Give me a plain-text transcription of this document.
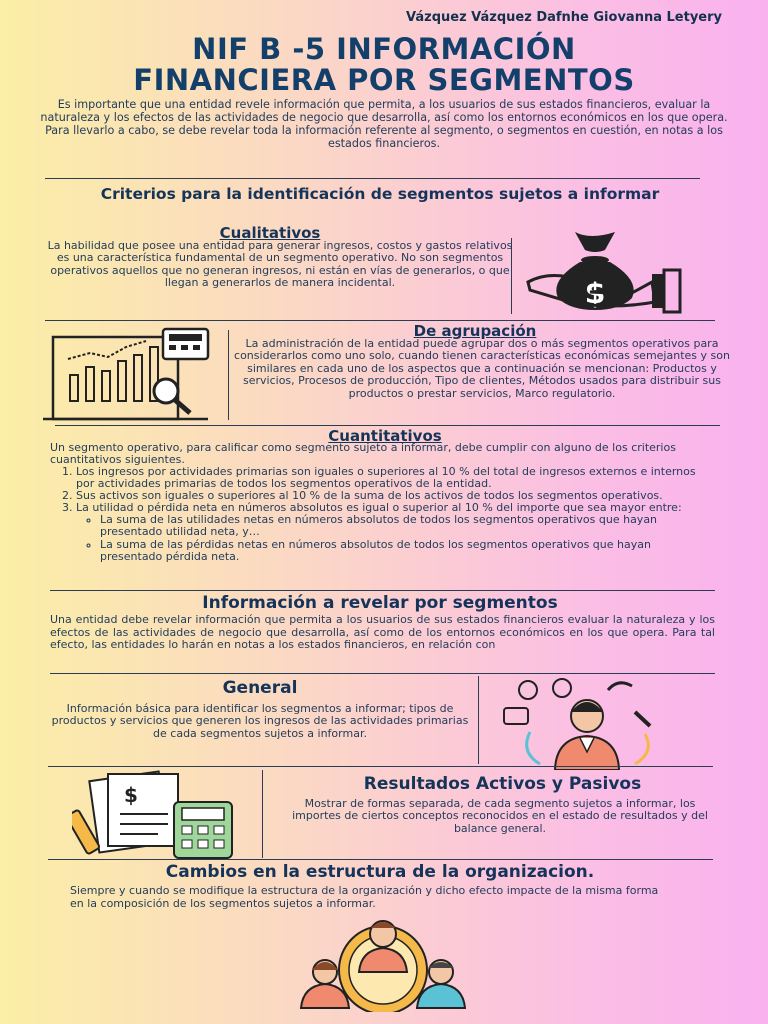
Vázquez Vázquez Dafnhe Giovanna Letyery
NIF B -5 INFORMACIÓN
FINANCIERA POR SEGMENTOS
Es importante que una entidad revele información que permita, a los usuarios de sus estados financieros, evaluar la naturaleza y los efectos de las actividades de negocio que desarrolla, así como los entornos económicos en los que opera. Para llevarlo a cabo, se debe revelar toda la información referente al segmento, o segmentos en cuestión, en notas a los estados financieros.
Criterios para la identificación de segmentos sujetos a informar
Cualitativos
La habilidad que posee una entidad para generar ingresos, costos y gastos relativos es una característica fundamental de un segmento operativo. No son segmentos operativos aquellos que no generan ingresos, ni están en vías de generarlos, o que llegan a generarlos de manera incidental.	$
De agrupación
La administración de la entidad puede agrupar dos o más segmentos operativos para considerarlos como uno solo, cuando tienen características económicas semejantes y son similares en cada uno de los aspectos que a continuación se mencionan: Productos y servicios, Procesos de producción, Tipo de clientes, Métodos usados para distribuir sus productos o prestar servicios, Marco regulatorio.
Cuantitativos
Un segmento operativo, para calificar como segmento sujeto a informar, debe cumplir con alguno de los criterios cuantitativos siguientes.
1. Los ingresos por actividades primarias son iguales o superiores al 10 % del total de ingresos externos e internos por actividades primarias de todos los segmentos operativos de la entidad.
2. Sus activos son iguales o superiores al 10 % de la suma de los activos de todos los segmentos operativos.
3. La utilidad o pérdida neta en números absolutos es igual o superior al 10 % del importe que sea mayor entre:
◦ La suma de las utilidades netas en números absolutos de todos los segmentos operativos que hayan presentado utilidad neta, y…
◦ La suma de las pérdidas netas en números absolutos de todos los segmentos operativos que hayan presentado pérdida neta.
Información a revelar por segmentos
Una entidad debe revelar información que permita a los usuarios de sus estados financieros evaluar la naturaleza y los efectos de las actividades de negocio que desarrolla, así como de los entornos económicos en los que opera. Para tal efecto, las entidades lo harán en notas a los estados financieros, en relación con
General
Información básica para identificar los segmentos a informar; tipos de productos y servicios que generen los ingresos de las actividades primarias de cada segmentos sujetos a informar.
$	Resultados Activos y Pasivos
Mostrar de formas separada, de cada segmento sujetos a informar, los importes de ciertos conceptos reconocidos en el estado de resultados y del balance general.
Cambios en la estructura de la organizacion.
Siempre y cuando se modifique la estructura de la organización y dicho efecto impacte de la misma forma en la composición de los segmentos sujetos a informar.
